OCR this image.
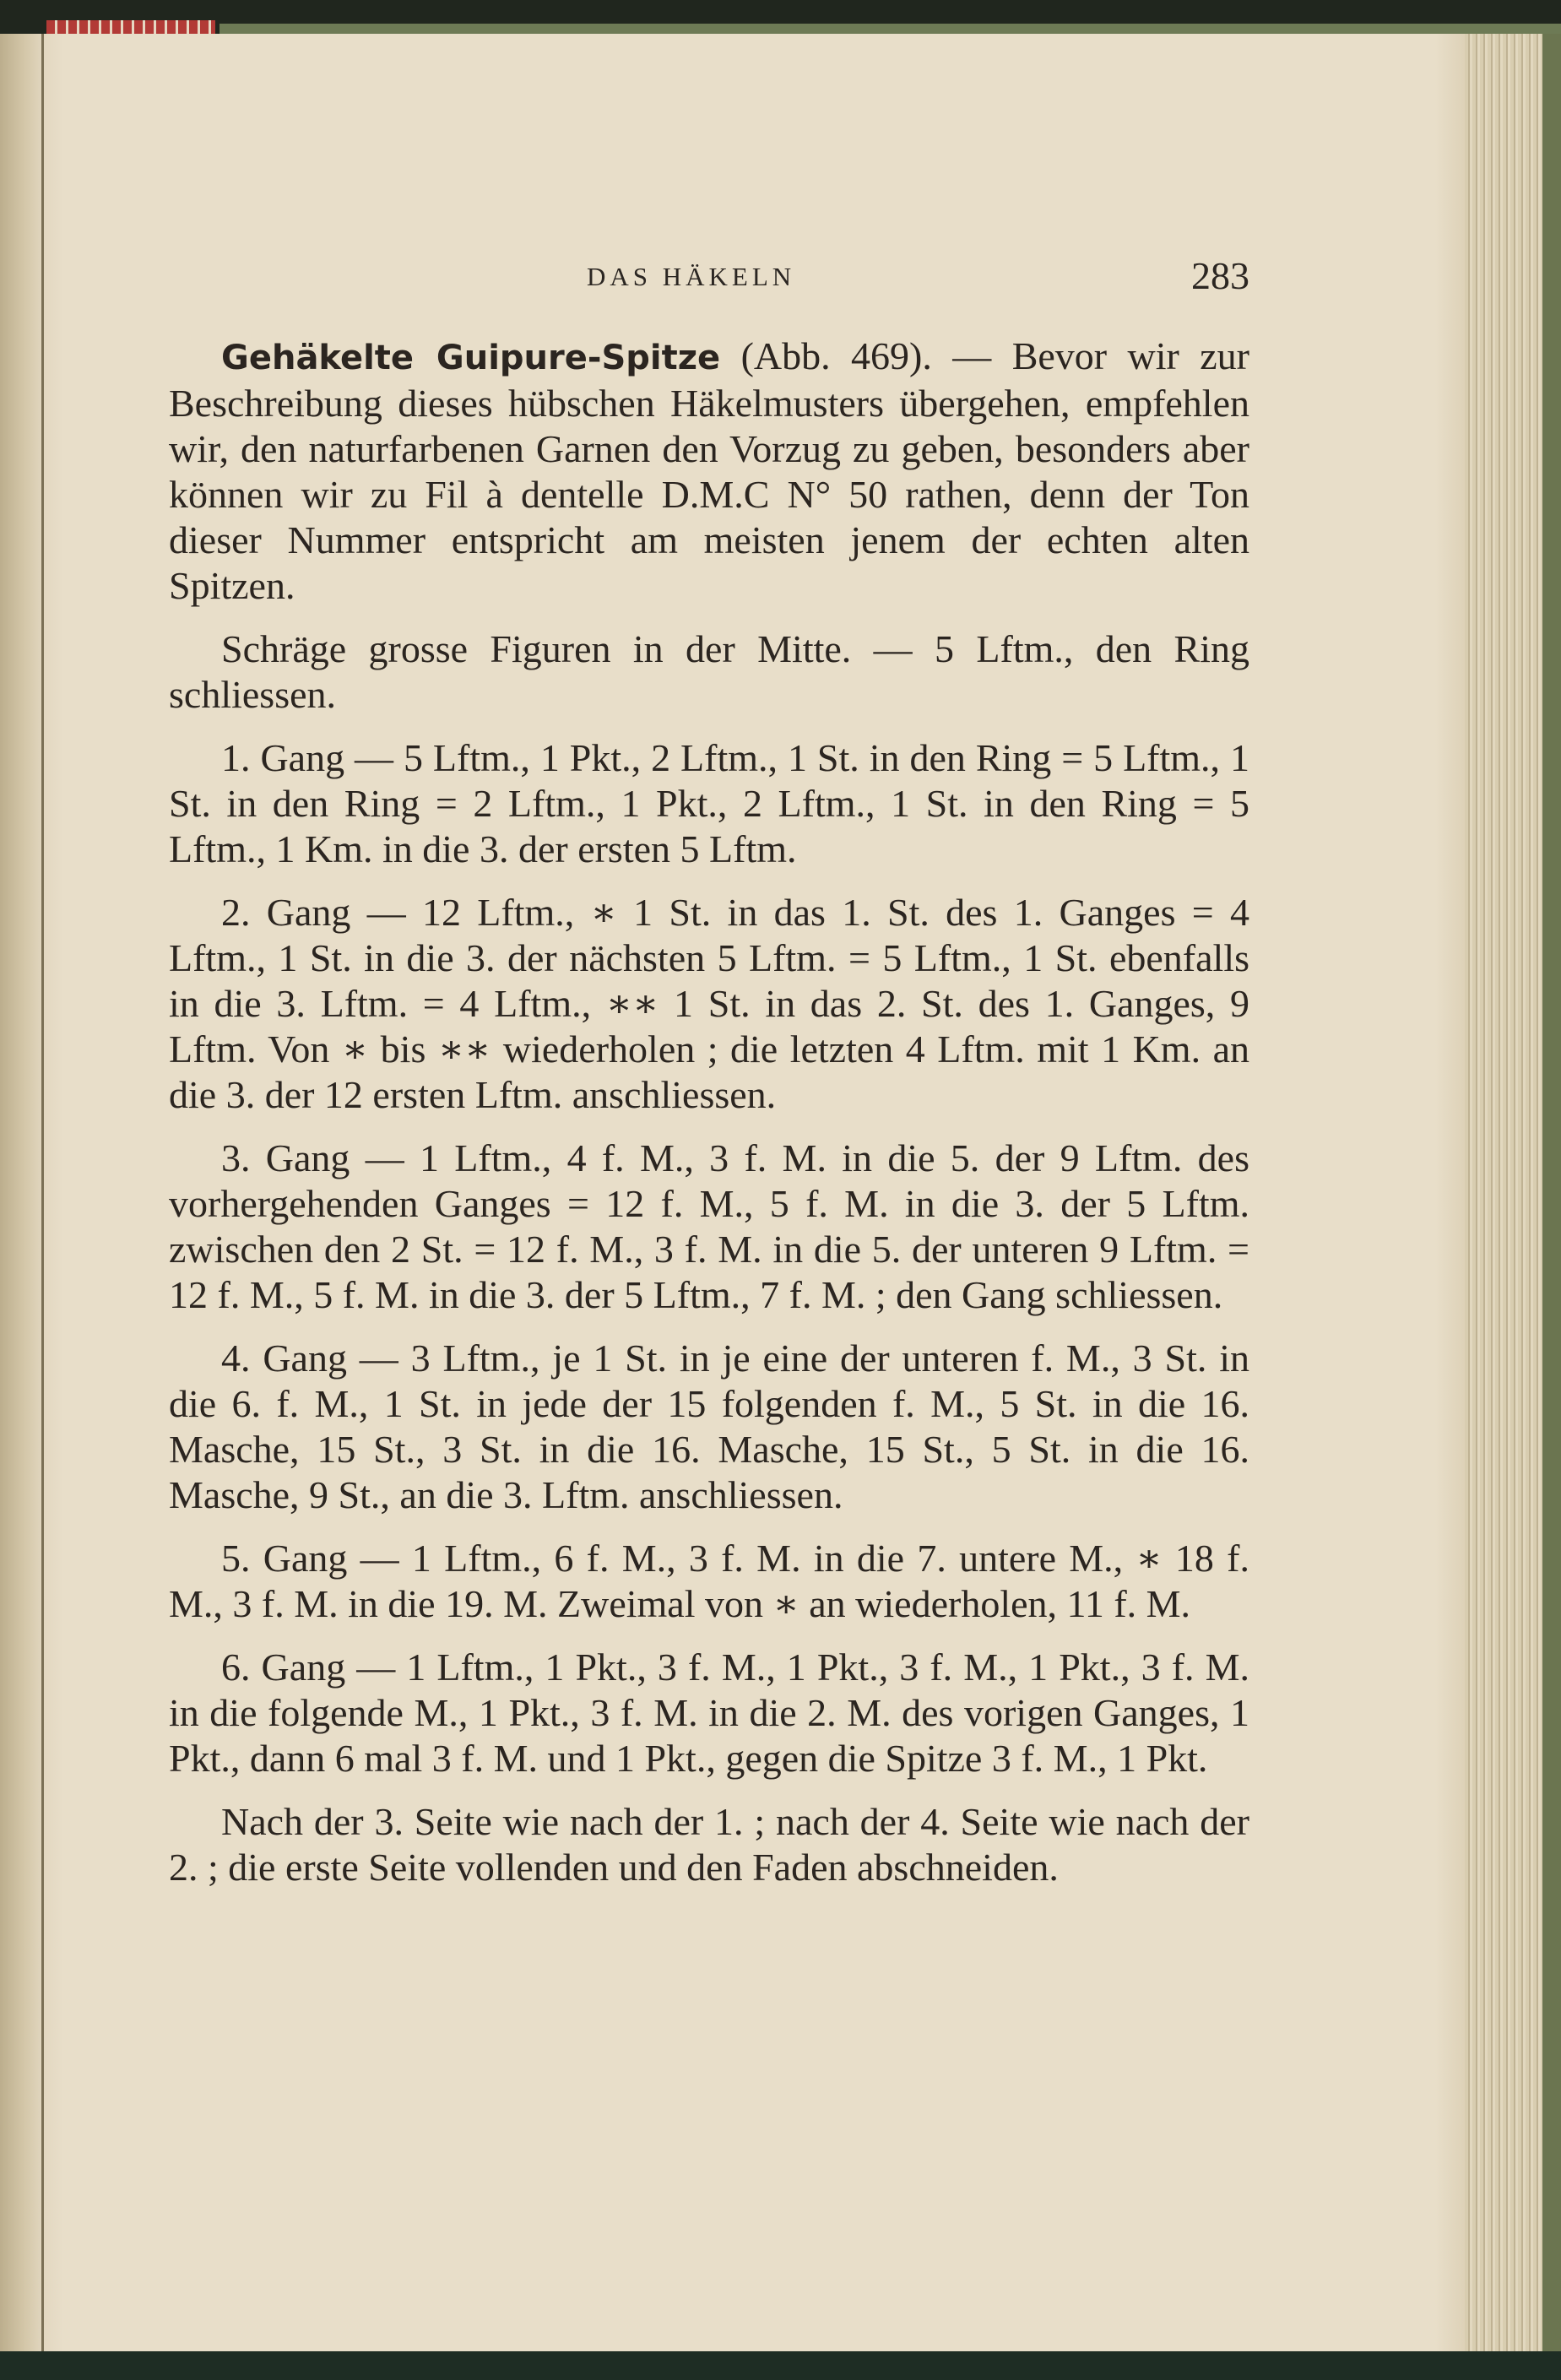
DAS HÄKELN	283

Gehäkelte Guipure-Spitze (Abb. 469). — Bevor wir zur Beschreibung dieses hübschen Häkelmusters übergehen, empfehlen wir, den naturfarbenen Garnen den Vorzug zu geben, besonders aber können wir zu Fil à dentelle D.M.C N° 50 rathen, denn der Ton dieser Nummer entspricht am meisten jenem der echten alten Spitzen.

Schräge grosse Figuren in der Mitte. — 5 Lftm., den Ring schliessen.

1. Gang — 5 Lftm., 1 Pkt., 2 Lftm., 1 St. in den Ring = 5 Lftm., 1 St. in den Ring = 2 Lftm., 1 Pkt., 2 Lftm., 1 St. in den Ring = 5 Lftm., 1 Km. in die 3. der ersten 5 Lftm.

2. Gang — 12 Lftm., ∗ 1 St. in das 1. St. des 1. Ganges = 4 Lftm., 1 St. in die 3. der nächsten 5 Lftm. = 5 Lftm., 1 St. ebenfalls in die 3. Lftm. = 4 Lftm., ∗∗ 1 St. in das 2. St. des 1. Ganges, 9 Lftm. Von ∗ bis ∗∗ wiederholen ; die letzten 4 Lftm. mit 1 Km. an die 3. der 12 ersten Lftm. anschliessen.

3. Gang — 1 Lftm., 4 f. M., 3 f. M. in die 5. der 9 Lftm. des vorhergehenden Ganges = 12 f. M., 5 f. M. in die 3. der 5 Lftm. zwischen den 2 St. = 12 f. M., 3 f. M. in die 5. der unteren 9 Lftm. = 12 f. M., 5 f. M. in die 3. der 5 Lftm., 7 f. M. ; den Gang schliessen.

4. Gang — 3 Lftm., je 1 St. in je eine der unteren f. M., 3 St. in die 6. f. M., 1 St. in jede der 15 folgenden f. M., 5 St. in die 16. Masche, 15 St., 3 St. in die 16. Masche, 15 St., 5 St. in die 16. Masche, 9 St., an die 3. Lftm. anschliessen.

5. Gang — 1 Lftm., 6 f. M., 3 f. M. in die 7. untere M., ∗ 18 f. M., 3 f. M. in die 19. M. Zweimal von ∗ an wiederholen, 11 f. M.

6. Gang — 1 Lftm., 1 Pkt., 3 f. M., 1 Pkt., 3 f. M., 1 Pkt., 3 f. M. in die folgende M., 1 Pkt., 3 f. M. in die 2. M. des vorigen Ganges, 1 Pkt., dann 6 mal 3 f. M. und 1 Pkt., gegen die Spitze 3 f. M., 1 Pkt.

Nach der 3. Seite wie nach der 1. ; nach der 4. Seite wie nach der 2. ; die erste Seite vollenden und den Faden abschneiden.
